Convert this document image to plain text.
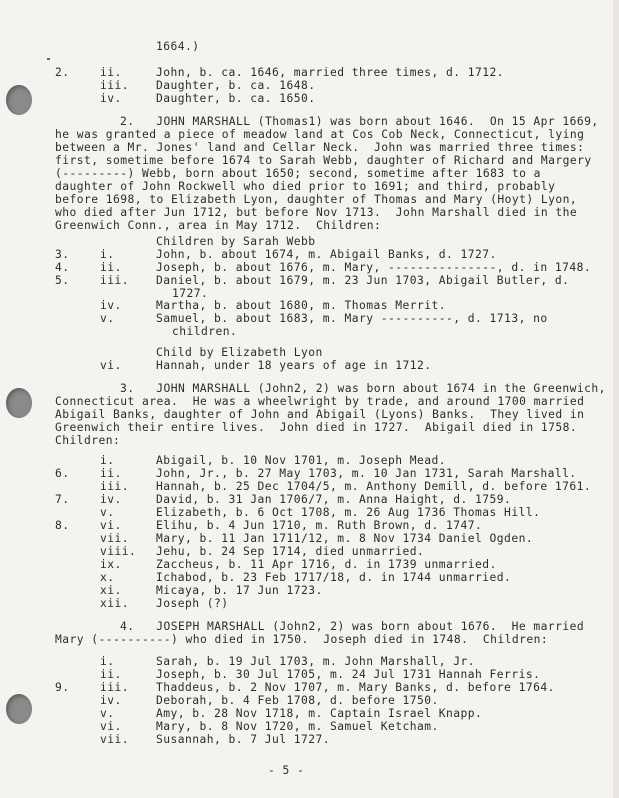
1664.)
2.	ii.	John, b. ca. 1646, married three times, d. 1712.
iii. Daughter, b. ca. 1648.
iv.	Daughter, b. ca. 1650.
2.   JOHN MARSHALL (Thomas1) was born about 1646.  On 15 Apr 1669,
he was granted a piece of meadow land at Cos Cob Neck, Connecticut, lying
between a Mr. Jones' land and Cellar Neck.  John was married three times:
first, sometime before 1674 to Sarah Webb, daughter of Richard and Margery
(---------) Webb, born about 1650; second, sometime after 1683 to a
daughter of John Rockwell who died prior to 1691; and third, probably
before 1698, to Elizabeth Lyon, daughter of Thomas and Mary (Hoyt) Lyon,
who died after Jun 1712, but before Nov 1713.  John Marshall died in the
Greenwich Conn., area in May 1712.  Children:
Children by Sarah Webb
3.	i.	John, b. about 1674, m. Abigail Banks, d. 1727.
4.	ii.	Joseph, b. about 1676, m. Mary, ---------------, d. in 1748.
5.	iii. Daniel, b. about 1679, m. 23 Jun 1703, Abigail Butler, d.
1727.
iv.	Martha, b. about 1680, m. Thomas Merrit.
v.	Samuel, b. about 1683, m. Mary ----------, d. 1713, no
children.
Child by Elizabeth Lyon
vi.	Hannah, under 18 years of age in 1712.
3.   JOHN MARSHALL (John2, 2) was born about 1674 in the Greenwich,
Connecticut area.  He was a wheelwright by trade, and around 1700 married
Abigail Banks, daughter of John and Abigail (Lyons) Banks.  They lived in
Greenwich their entire lives.  John died in 1727.  Abigail died in 1758.
Children:
i.	Abigail, b. 10 Nov 1701, m. Joseph Mead.
6.	ii.	John, Jr., b. 27 May 1703, m. 10 Jan 1731, Sarah Marshall.
iii. Hannah, b. 25 Dec 1704/5, m. Anthony Demill, d. before 1761.
7.	iv.	David, b. 31 Jan 1706/7, m. Anna Haight, d. 1759.
v.	Elizabeth, b. 6 Oct 1708, m. 26 Aug 1736 Thomas Hill.
8.	vi.	Elihu, b. 4 Jun 1710, m. Ruth Brown, d. 1747.
vii. Mary, b. 11 Jan 1711/12, m. 8 Nov 1734 Daniel Ogden.
viii. Jehu, b. 24 Sep 1714, died unmarried.
ix.	Zaccheus, b. 11 Apr 1716, d. in 1739 unmarried.
x.	Ichabod, b. 23 Feb 1717/18, d. in 1744 unmarried.
xi.	Micaya, b. 17 Jun 1723.
xii. Joseph (?)
4.   JOSEPH MARSHALL (John2, 2) was born about 1676.  He married
Mary (----------) who died in 1750.  Joseph died in 1748.  Children:
i.	Sarah, b. 19 Jul 1703, m. John Marshall, Jr.
ii.	Joseph, b. 30 Jul 1705, m. 24 Jul 1731 Hannah Ferris.
9.	iii. Thaddeus, b. 2 Nov 1707, m. Mary Banks, d. before 1764.
iv.	Deborah, b. 4 Feb 1708, d. before 1750.
v.	Amy, b. 28 Nov 1718, m. Captain Israel Knapp.
vi.	Mary, b. 8 Nov 1720, m. Samuel Ketcham.
vii. Susannah, b. 7 Jul 1727.
- 5 -
